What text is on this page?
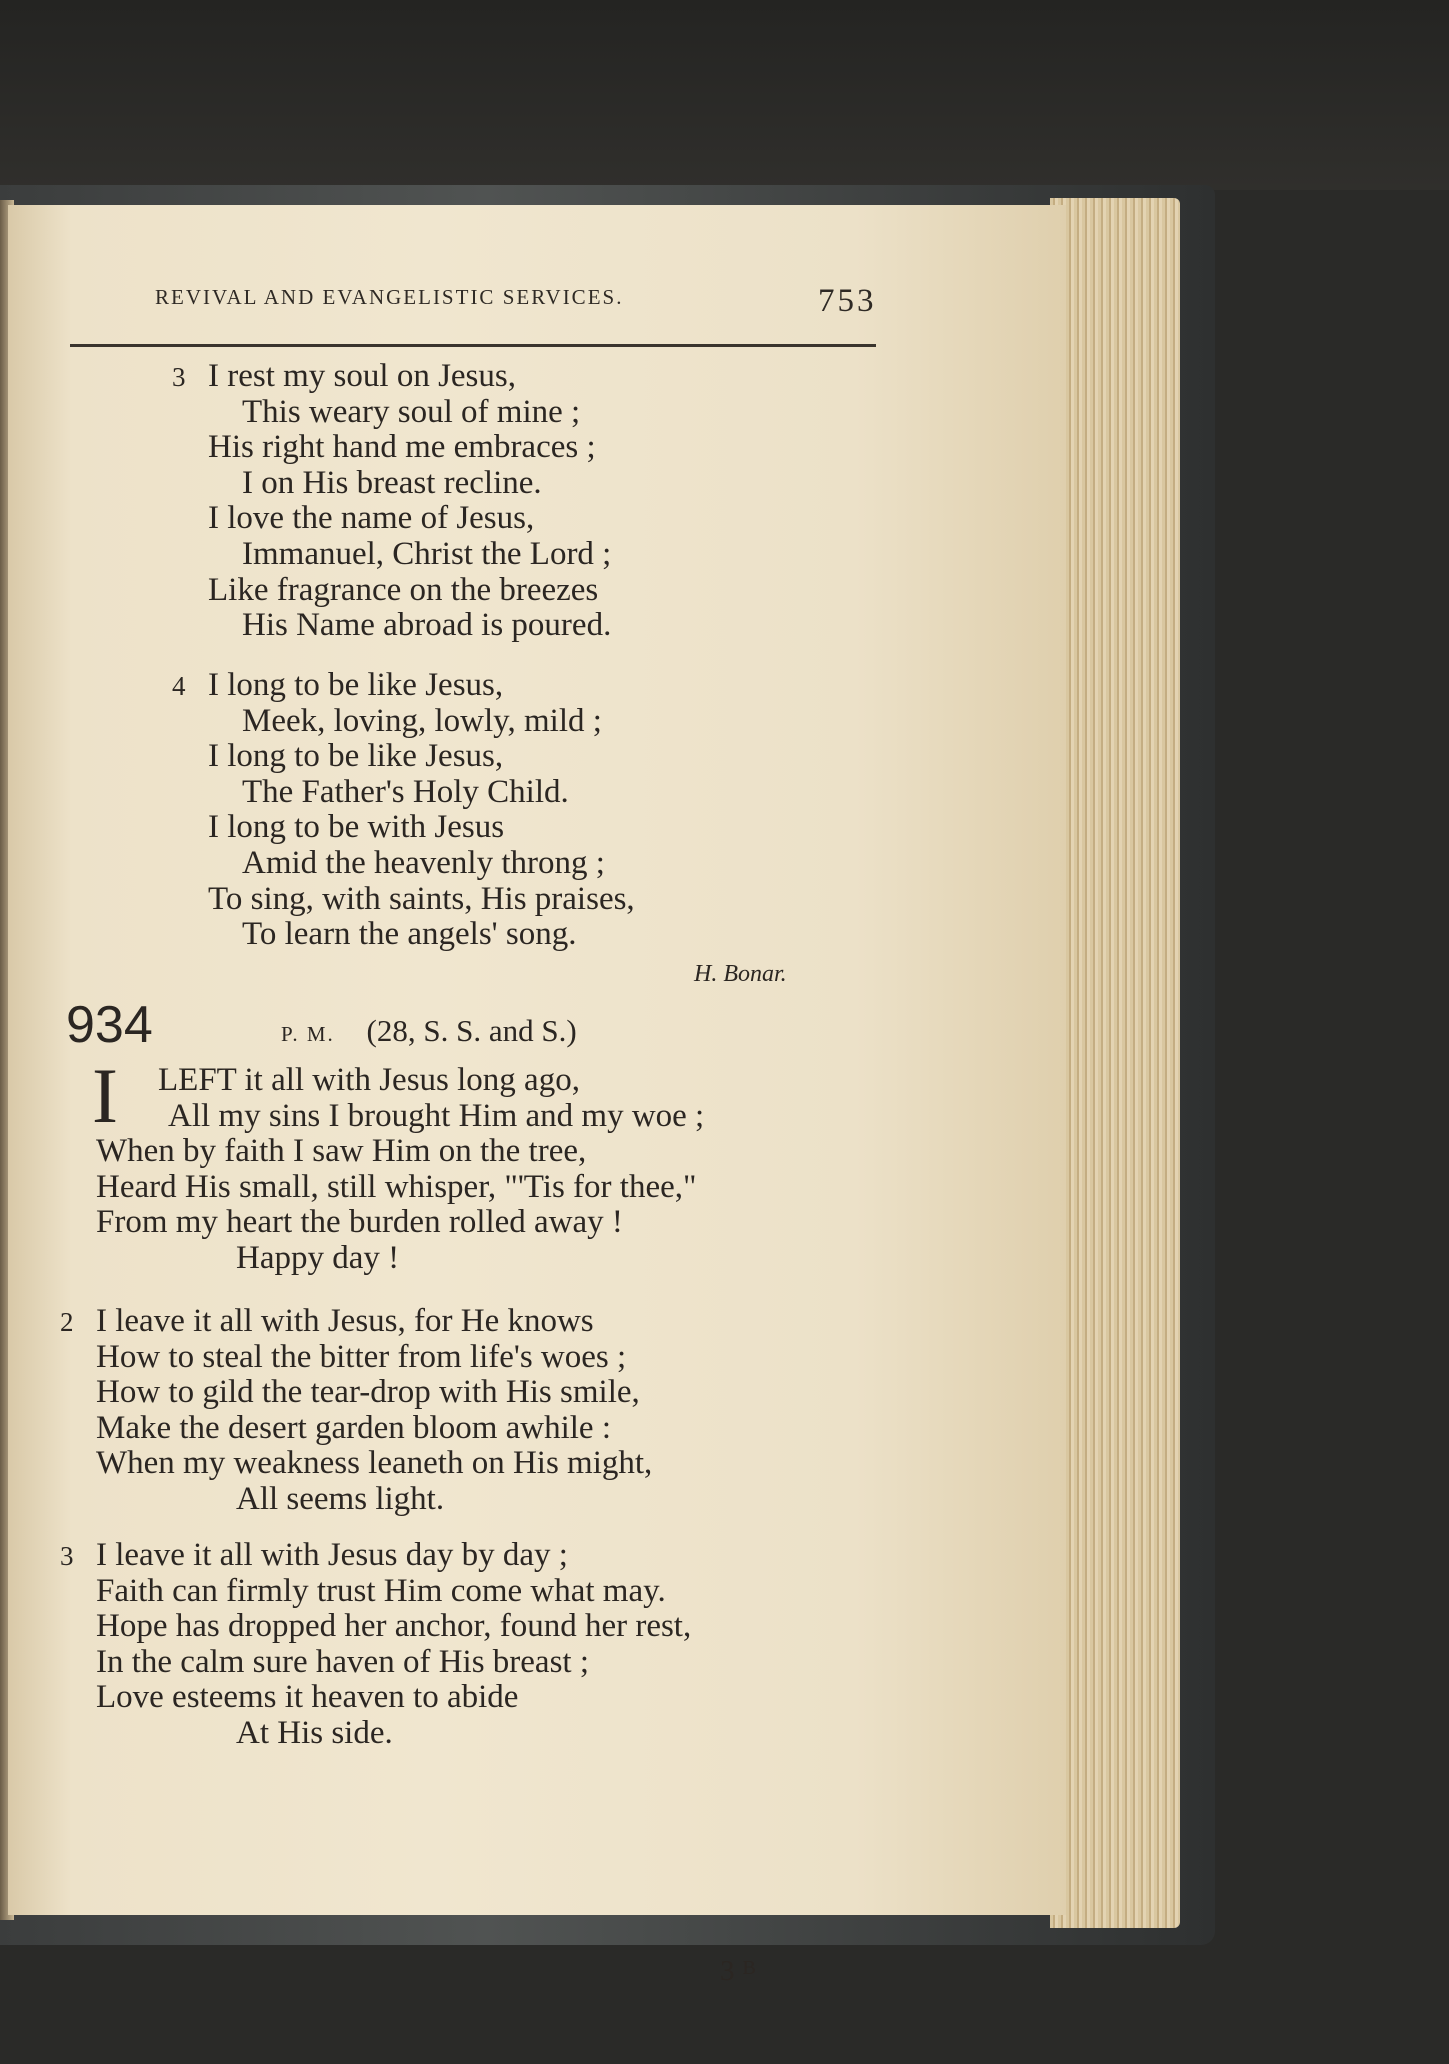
REVIVAL AND EVANGELISTIC SERVICES.	753
3 I rest my soul on Jesus,
This weary soul of mine ;
His right hand me embraces ;
I on His breast recline.
I love the name of Jesus,
Immanuel, Christ the Lord ;
Like fragrance on the breezes
His Name abroad is poured.
4 I long to be like Jesus,
Meek, loving, lowly, mild ;
I long to be like Jesus,
The Father's Holy Child.
I long to be with Jesus
Amid the heavenly throng ;
To sing, with saints, His praises,
To learn the angels' song.
H. Bonar.
934	P. M. (28, S. S. and S.)
I LEFT it all with Jesus long ago,
All my sins I brought Him and my woe ;
When by faith I saw Him on the tree,
Heard His small, still whisper, "'Tis for thee,"
From my heart the burden rolled away !
Happy day !
2 I leave it all with Jesus, for He knows
How to steal the bitter from life's woes ;
How to gild the tear-drop with His smile,
Make the desert garden bloom awhile :
When my weakness leaneth on His might,
All seems light.
3 I leave it all with Jesus day by day ;
Faith can firmly trust Him come what may.
Hope has dropped her anchor, found her rest,
In the calm sure haven of His breast ;
Love esteems it heaven to abide
At His side.
3 $^B$
